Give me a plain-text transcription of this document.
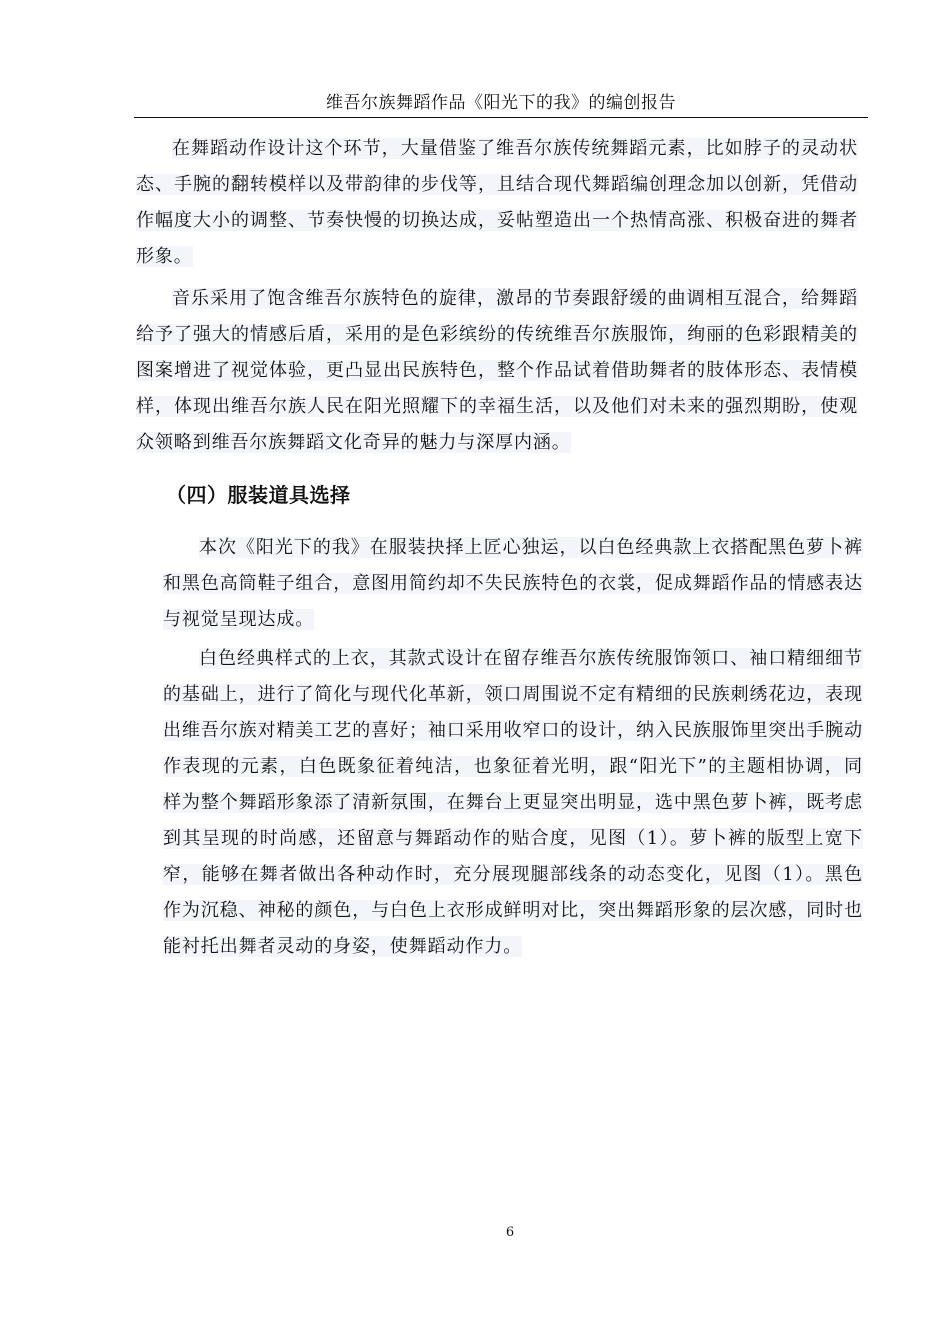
维吾尔族舞蹈作品《阳光下的我》的编创报告

在舞蹈动作设计这个环节，大量借鉴了维吾尔族传统舞蹈元素，比如脖子的灵动状态、手腕的翻转模样以及带韵律的步伐等，且结合现代舞蹈编创理念加以创新，凭借动作幅度大小的调整、节奏快慢的切换达成，妥帖塑造出一个热情高涨、积极奋进的舞者形象。

音乐采用了饱含维吾尔族特色的旋律，激昂的节奏跟舒缓的曲调相互混合，给舞蹈给予了强大的情感后盾，采用的是色彩缤纷的传统维吾尔族服饰，绚丽的色彩跟精美的图案增进了视觉体验，更凸显出民族特色，整个作品试着借助舞者的肢体形态、表情模样，体现出维吾尔族人民在阳光照耀下的幸福生活，以及他们对未来的强烈期盼，使观众领略到维吾尔族舞蹈文化奇异的魅力与深厚内涵。

（四）服装道具选择

本次《阳光下的我》在服装抉择上匠心独运，以白色经典款上衣搭配黑色萝卜裤和黑色高筒鞋子组合，意图用简约却不失民族特色的衣裳，促成舞蹈作品的情感表达与视觉呈现达成。

白色经典样式的上衣，其款式设计在留存维吾尔族传统服饰领口、袖口精细细节的基础上，进行了简化与现代化革新，领口周围说不定有精细的民族刺绣花边，表现出维吾尔族对精美工艺的喜好；袖口采用收窄口的设计，纳入民族服饰里突出手腕动作表现的元素，白色既象征着纯洁，也象征着光明，跟“阳光下”的主题相协调，同样为整个舞蹈形象添了清新氛围，在舞台上更显突出明显，选中黑色萝卜裤，既考虑到其呈现的时尚感，还留意与舞蹈动作的贴合度，见图（1）。萝卜裤的版型上宽下窄，能够在舞者做出各种动作时，充分展现腿部线条的动态变化，见图（1）。黑色作为沉稳、神秘的颜色，与白色上衣形成鲜明对比，突出舞蹈形象的层次感，同时也能衬托出舞者灵动的身姿，使舞蹈动作力。

6
